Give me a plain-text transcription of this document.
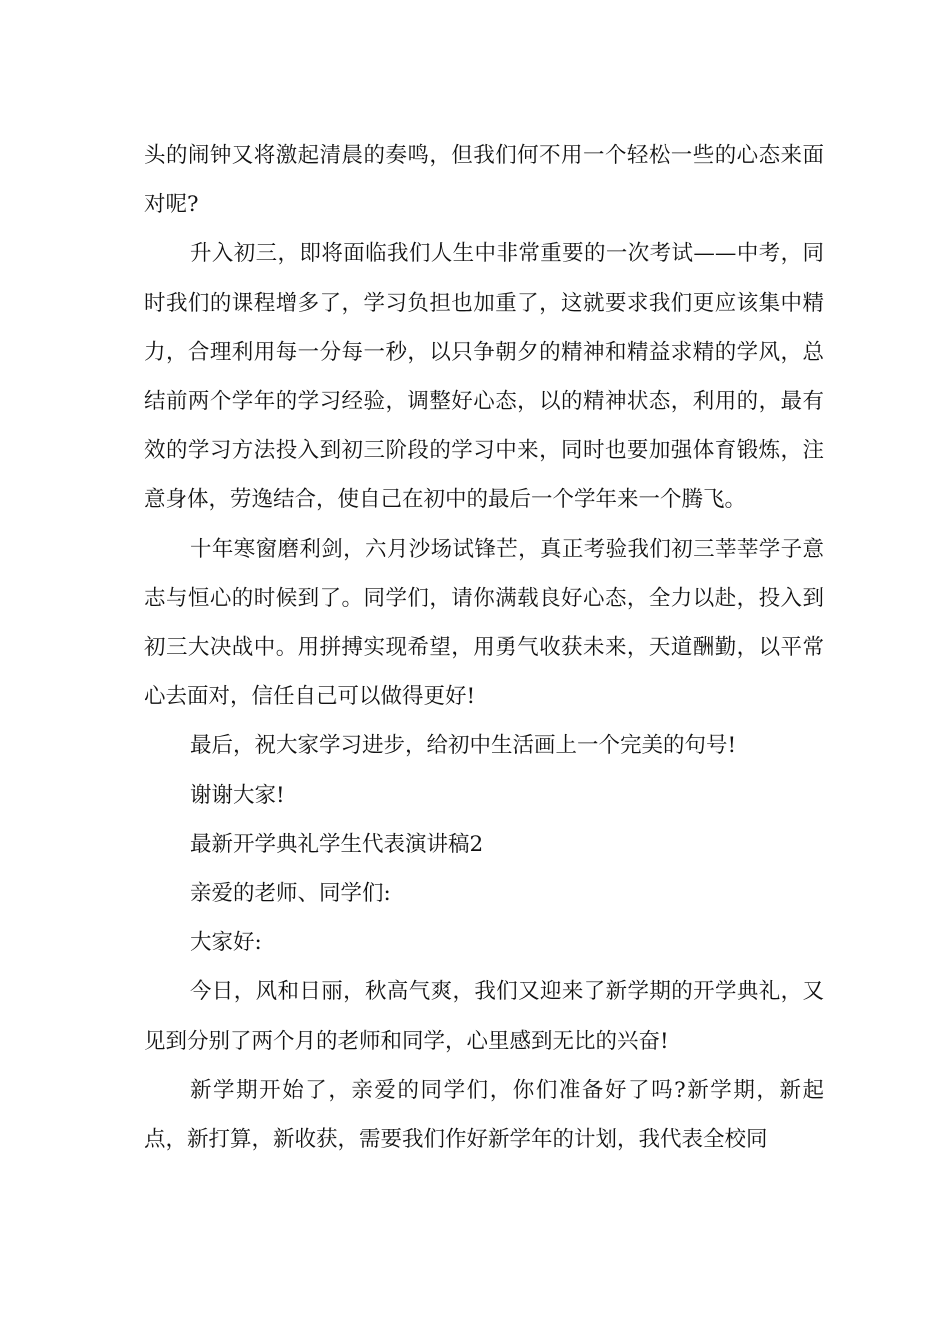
头的闹钟又将激起清晨的奏鸣，但我们何不用一个轻松一些的心态来面对呢?

升入初三，即将面临我们人生中非常重要的一次考试——中考，同时我们的课程增多了，学习负担也加重了，这就要求我们更应该集中精力，合理利用每一分每一秒，以只争朝夕的精神和精益求精的学风，总结前两个学年的学习经验，调整好心态，以的精神状态，利用的，最有效的学习方法投入到初三阶段的学习中来，同时也要加强体育锻炼，注意身体，劳逸结合，使自己在初中的最后一个学年来一个腾飞。

十年寒窗磨利剑，六月沙场试锋芒，真正考验我们初三莘莘学子意志与恒心的时候到了。同学们，请你满载良好心态，全力以赴，投入到初三大决战中。用拼搏实现希望，用勇气收获未来，天道酬勤，以平常心去面对，信任自己可以做得更好!

最后，祝大家学习进步，给初中生活画上一个完美的句号!

谢谢大家!

最新开学典礼学生代表演讲稿2

亲爱的老师、同学们:

大家好:

今日，风和日丽，秋高气爽，我们又迎来了新学期的开学典礼，又见到分别了两个月的老师和同学，心里感到无比的兴奋!

新学期开始了，亲爱的同学们，你们准备好了吗?新学期，新起点，新打算，新收获，需要我们作好新学年的计划，我代表全校同
